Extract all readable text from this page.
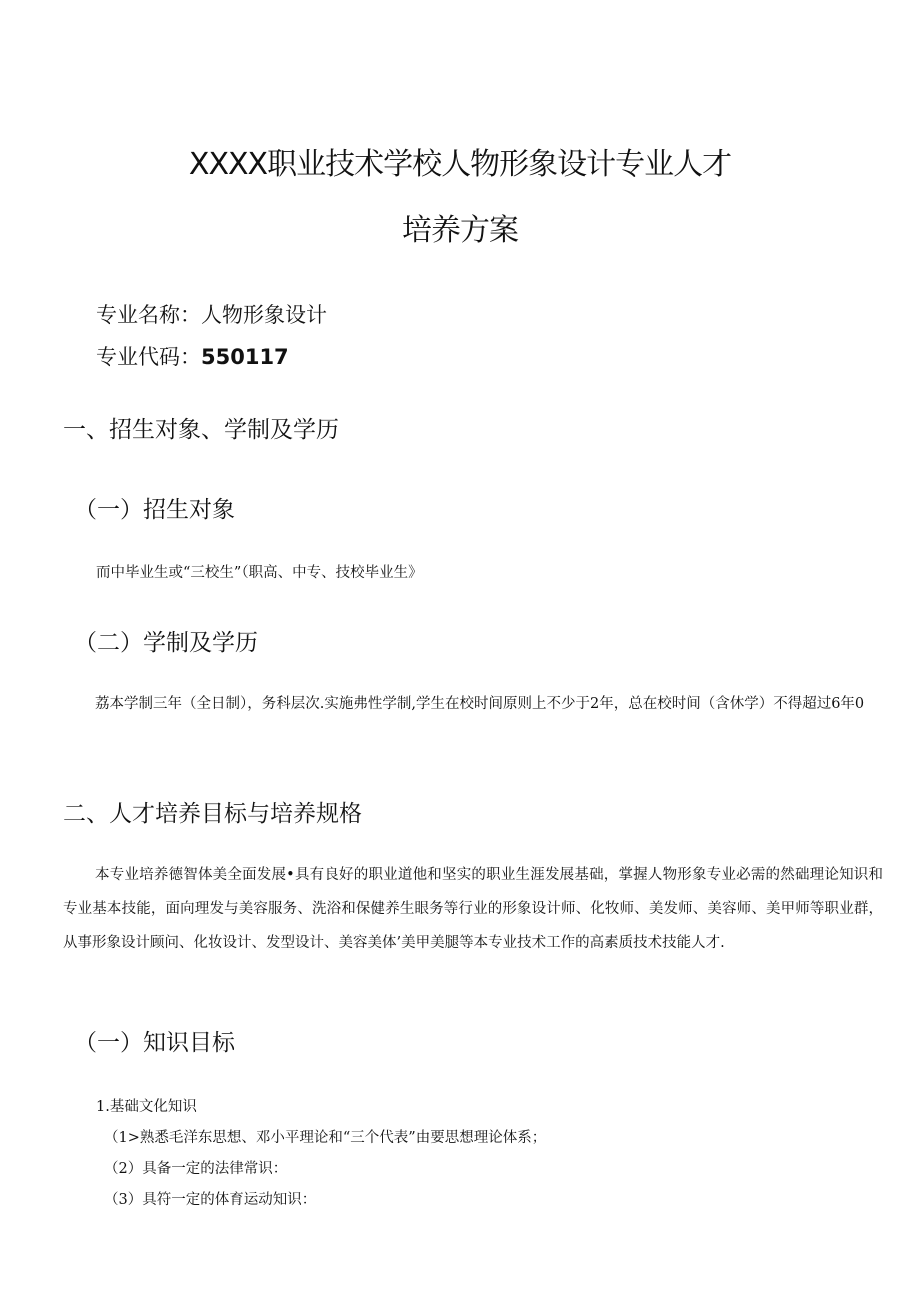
XXXX职业技术学校人物形象设计专业人才
培养方案
专业名称：人物形象设计
专业代码：550117
一、招生对象、学制及学历
（一）招生对象
而中毕业生或“三校生”（职高、中专、技校毕业生》
（二）学制及学历
荔本学制三年（全日制），务科层次.实施弗性学制,学生在校时间原则上不少于2年，总在校时间（含休学）不得超过6年0
二、人才培养目标与培养规格
本专业培养德智体美全面发展•具有良好的职业道他和坚实的职业生涯发展基础，掌握人物形象专业必需的然础理论知识和专业基本技能，面向理发与美容服务、洗浴和保健养生眼务等行业的形象设计师、化牧师、美发师、美容师、美甲师等职业群，从事形象设计顾问、化妆设计、发型设计、美容美体’美甲美腿等本专业技术工作的高素质技术技能人才.
（一）知识目标
1.基础文化知识
（1>熟悉毛洋东思想、邓小平理论和“三个代表”由要思想理论体系；
（2）具备一定的法律常识：
（3）具符一定的体育运动知识：
